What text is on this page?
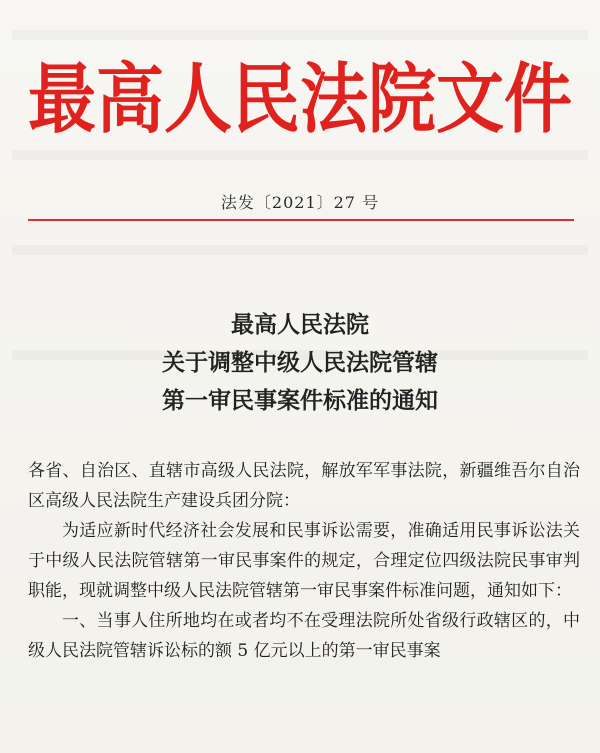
最高人民法院文件
法发〔2021〕27 号
最高人民法院
关于调整中级人民法院管辖
第一审民事案件标准的通知

各省、自治区、直辖市高级人民法院，解放军军事法院，新疆维吾尔自治区高级人民法院生产建设兵团分院：

为适应新时代经济社会发展和民事诉讼需要，准确适用民事诉讼法关于中级人民法院管辖第一审民事案件的规定，合理定位四级法院民事审判职能，现就调整中级人民法院管辖第一审民事案件标准问题，通知如下：

一、当事人住所地均在或者均不在受理法院所处省级行政辖区的，中级人民法院管辖诉讼标的额 5 亿元以上的第一审民事案
